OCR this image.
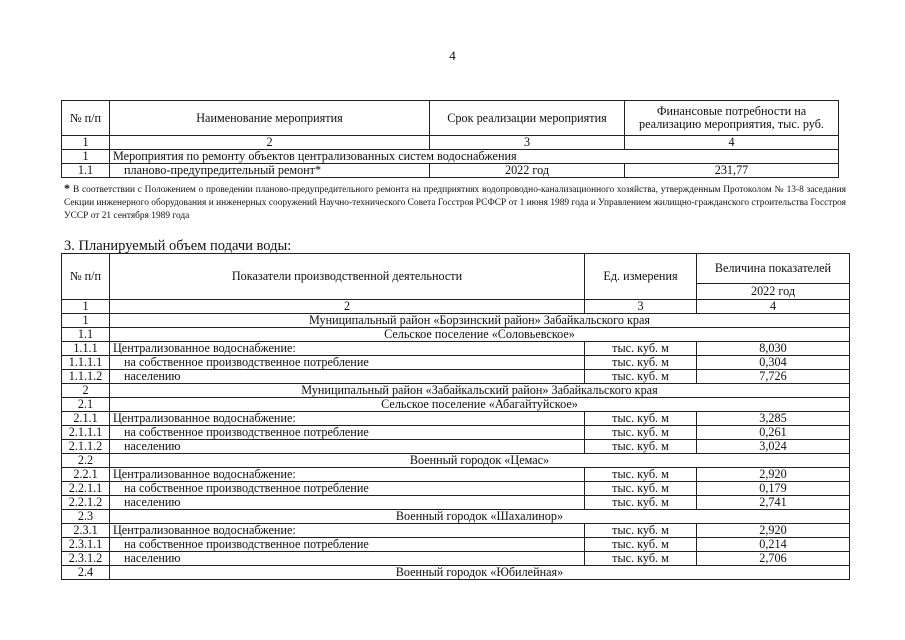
4
№ п/п	Наименование мероприятия	Срок реализации мероприятия	Финансовые потребности на реализацию мероприятия, тыс. руб.
1	2	3	4
1	Мероприятия по ремонту объектов централизованных систем водоснабжения		
1.1	планово-предупредительный ремонт*	2022 год	231,77
* В соответствии с Положением о проведении планово-предупредительного ремонта на предприятиях водопроводно-канализационного хозяйства, утвержденным Протоколом № 13-8 заседания Секции инженерного оборудования и инженерных сооружений Научно-технического Совета Госстроя РСФСР от 1 июня 1989 года и Управлением жилищно-гражданского строительства Госстроя УССР от 21 сентября 1989 года
3. Планируемый объем подачи воды:
№ п/п	Показатели производственной деятельности	Ед. измерения	Величина показателей
			2022 год
1	2	3	4
1	Муниципальный район «Борзинский район» Забайкальского края		
1.1	Сельское поселение «Соловьевское»		
1.1.1	Централизованное водоснабжение:	тыс. куб. м	8,030
1.1.1.1	на собственное производственное потребление	тыс. куб. м	0,304
1.1.1.2	населению	тыс. куб. м	7,726
2	Муниципальный район «Забайкальский район» Забайкальского края		
2.1	Сельское поселение «Абагайтуйское»		
2.1.1	Централизованное водоснабжение:	тыс. куб. м	3,285
2.1.1.1	на собственное производственное потребление	тыс. куб. м	0,261
2.1.1.2	населению	тыс. куб. м	3,024
2.2	Военный городок «Цемас»		
2.2.1	Централизованное водоснабжение:	тыс. куб. м	2,920
2.2.1.1	на собственное производственное потребление	тыс. куб. м	0,179
2.2.1.2	населению	тыс. куб. м	2,741
2.3	Военный городок «Шахалинор»		
2.3.1	Централизованное водоснабжение:	тыс. куб. м	2,920
2.3.1.1	на собственное производственное потребление	тыс. куб. м	0,214
2.3.1.2	населению	тыс. куб. м	2,706
2.4	Военный городок «Юбилейная»		
